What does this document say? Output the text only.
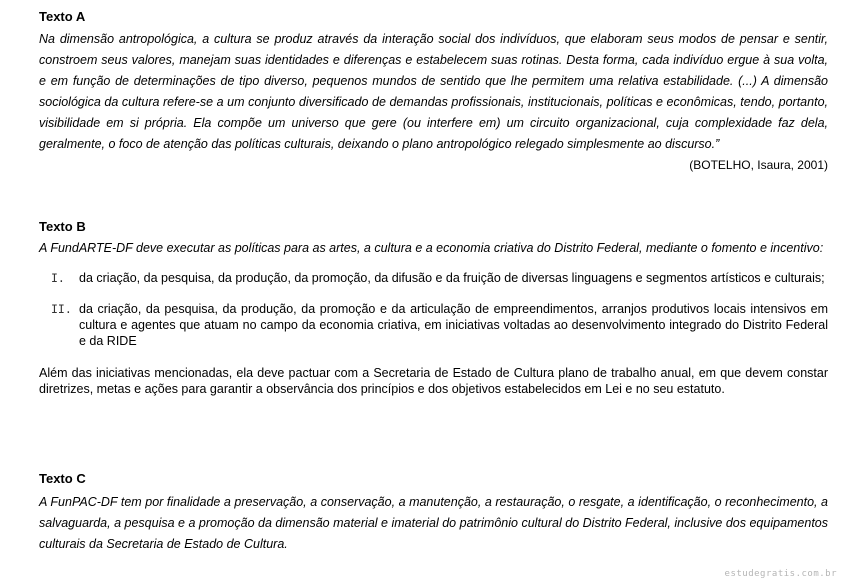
Texto A

Na dimensão antropológica, a cultura se produz através da interação social dos indivíduos, que elaboram seus modos de pensar e sentir, constroem seus valores, manejam suas identidades e diferenças e estabelecem suas rotinas. Desta forma, cada indivíduo ergue à sua volta, e em função de determinações de tipo diverso, pequenos mundos de sentido que lhe permitem uma relativa estabilidade. (...) A dimensão sociológica da cultura refere-se a um conjunto diversificado de demandas profissionais, institucionais, políticas e econômicas, tendo, portanto, visibilidade em si própria. Ela compõe um universo que gere (ou interfere em) um circuito organizacional, cuja complexidade faz dela, geralmente, o foco de atenção das políticas culturais, deixando o plano antropológico relegado simplesmente ao discurso.”

(BOTELHO, Isaura, 2001)

Texto B

A FundARTE-DF deve executar as políticas para as artes, a cultura e a economia criativa do Distrito Federal, mediante o fomento e incentivo:

I.	da criação, da pesquisa, da produção, da promoção, da difusão e da fruição de diversas linguagens e segmentos artísticos e culturais;
II. da criação, da pesquisa, da produção, da promoção e da articulação de empreendimentos, arranjos produtivos locais intensivos em cultura e agentes que atuam no campo da economia criativa, em iniciativas voltadas ao desenvolvimento integrado do Distrito Federal e da RIDE

Além das iniciativas mencionadas, ela deve pactuar com a Secretaria de Estado de Cultura plano de trabalho anual, em que devem constar diretrizes, metas e ações para garantir a observância dos princípios e dos objetivos estabelecidos em Lei e no seu estatuto.

Texto C

A FunPAC-DF tem por finalidade a preservação, a conservação, a manutenção, a restauração, o resgate, a identificação, o reconhecimento, a salvaguarda, a pesquisa e a promoção da dimensão material e imaterial do patrimônio cultural do Distrito Federal, inclusive dos equipamentos culturais da Secretaria de Estado de Cultura.

estudegratis.com.br
